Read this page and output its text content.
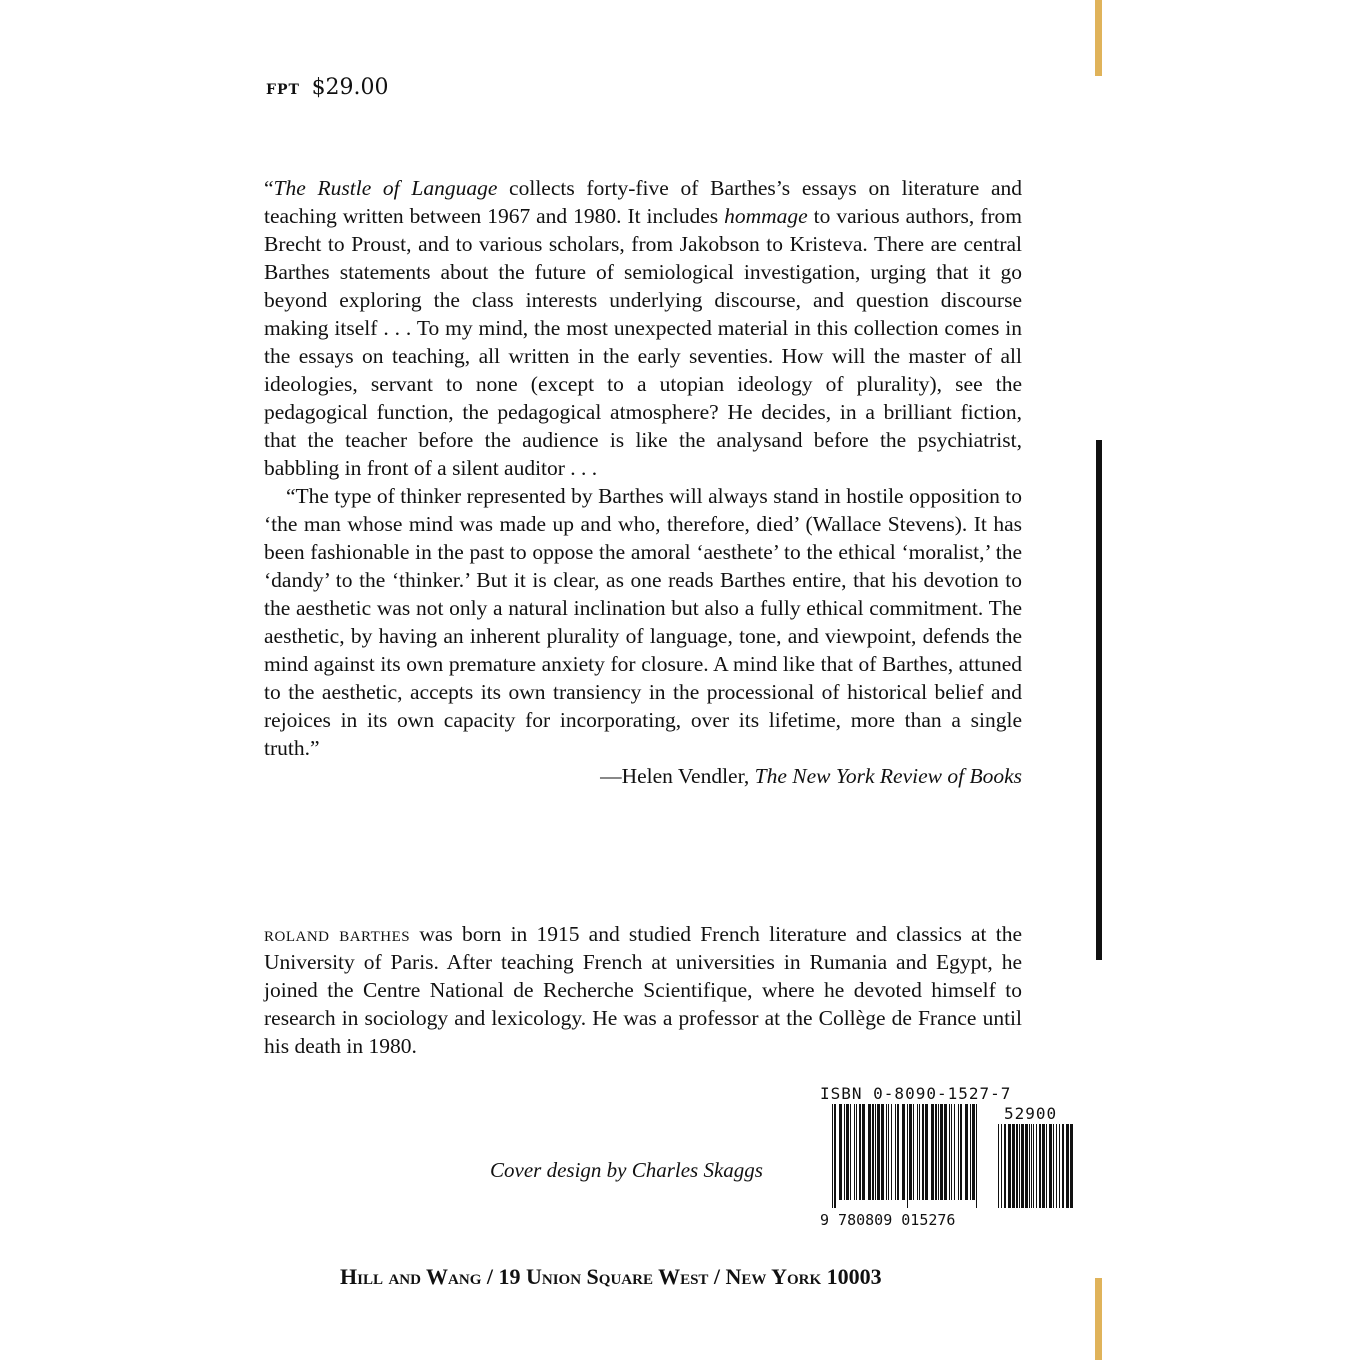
FPT $29.00

“The Rustle of Language collects forty-five of Barthes’s essays on literature and teaching written between 1967 and 1980. It includes hommage to various authors, from Brecht to Proust, and to various scholars, from Jakobson to Kristeva. There are central Barthes statements about the future of semiological investigation, urging that it go beyond exploring the class interests underlying discourse, and question discourse making itself . . . To my mind, the most unexpected material in this collection comes in the essays on teaching, all written in the early seventies. How will the master of all ideologies, servant to none (except to a utopian ideology of plurality), see the pedagogical function, the pedagogical atmosphere? He decides, in a brilliant fiction, that the teacher before the audience is like the analysand before the psychiatrist, babbling in front of a silent auditor . . .

“The type of thinker represented by Barthes will always stand in hostile opposition to ‘the man whose mind was made up and who, therefore, died’ (Wallace Stevens). It has been fashionable in the past to oppose the amoral ‘aesthete’ to the ethical ‘moralist,’ the ‘dandy’ to the ‘thinker.’ But it is clear, as one reads Barthes entire, that his devotion to the aesthetic was not only a natural inclination but also a fully ethical commitment. The aesthetic, by having an inherent plurality of language, tone, and viewpoint, defends the mind against its own premature anxiety for closure. A mind like that of Barthes, attuned to the aesthetic, accepts its own transiency in the processional of historical belief and rejoices in its own capacity for incorporating, over its lifetime, more than a single truth.”

—Helen Vendler, The New York Review of Books

roland barthes was born in 1915 and studied French literature and classics at the University of Paris. After teaching French at universities in Rumania and Egypt, he joined the Centre National de Recherche Scientifique, where he devoted himself to research in sociology and lexicology. He was a professor at the Collège de France until his death in 1980.

Cover design by Charles Skaggs
ISBN 0-8090-1527-7
52900
9 780809 015276
Hill and Wang / 19 Union Square West / New York 10003
